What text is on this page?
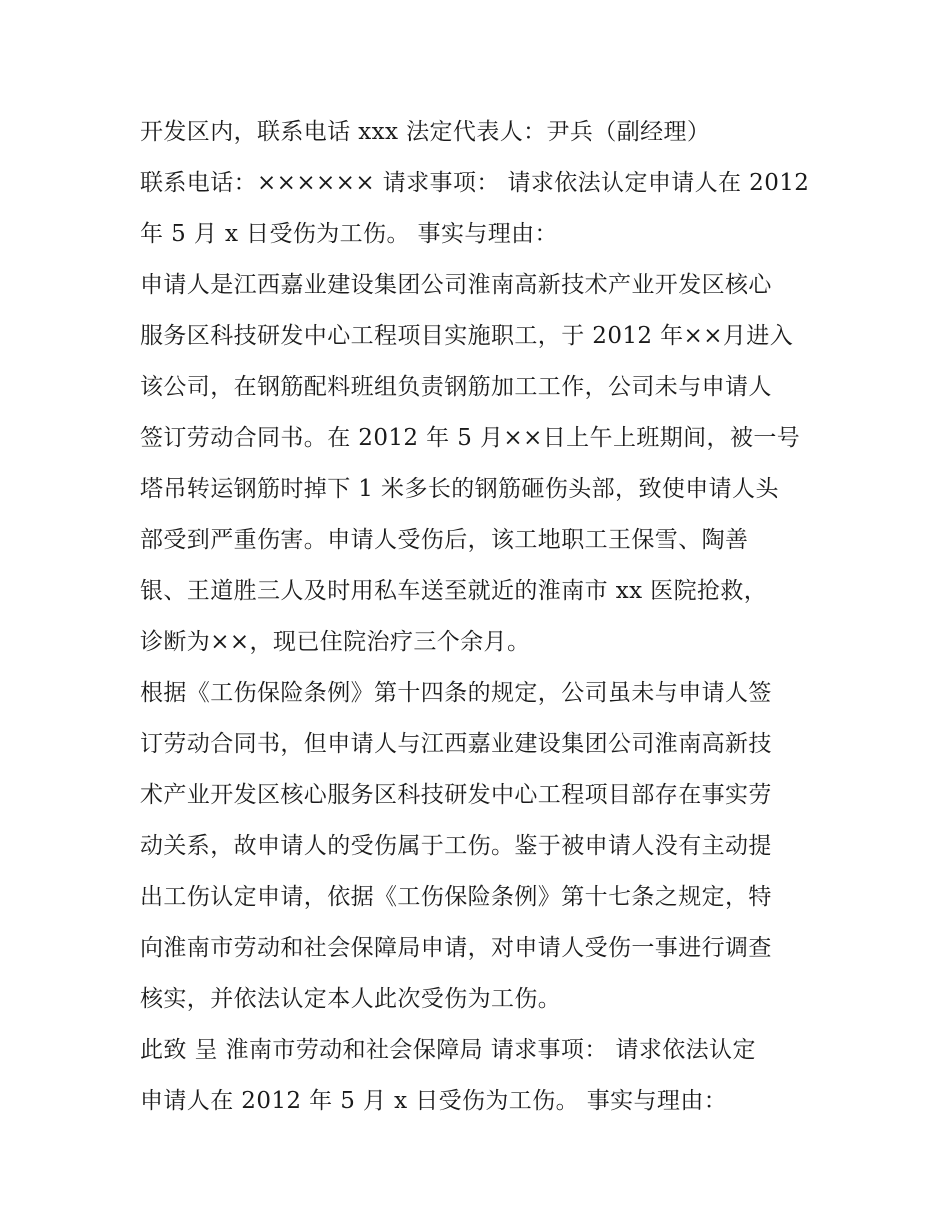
开发区内，联系电话 xxx 法定代表人：尹兵（副经理）
联系电话：×××××× 请求事项： 请求依法认定申请人在 2012
年 5 月 x 日受伤为工伤。 事实与理由：
申请人是江西嘉业建设集团公司淮南高新技术产业开发区核心
服务区科技研发中心工程项目实施职工，于 2012 年××月进入
该公司，在钢筋配料班组负责钢筋加工工作，公司未与申请人
签订劳动合同书。在 2012 年 5 月××日上午上班期间，被一号
塔吊转运钢筋时掉下 1 米多长的钢筋砸伤头部，致使申请人头
部受到严重伤害。申请人受伤后，该工地职工王保雪、陶善
银、王道胜三人及时用私车送至就近的淮南市 xx 医院抢救，
诊断为××，现已住院治疗三个余月。
根据《工伤保险条例》第十四条的规定，公司虽未与申请人签
订劳动合同书，但申请人与江西嘉业建设集团公司淮南高新技
术产业开发区核心服务区科技研发中心工程项目部存在事实劳
动关系，故申请人的受伤属于工伤。鉴于被申请人没有主动提
出工伤认定申请，依据《工伤保险条例》第十七条之规定，特
向淮南市劳动和社会保障局申请，对申请人受伤一事进行调查
核实，并依法认定本人此次受伤为工伤。
此致 呈 淮南市劳动和社会保障局 请求事项： 请求依法认定
申请人在 2012 年 5 月 x 日受伤为工伤。 事实与理由：
